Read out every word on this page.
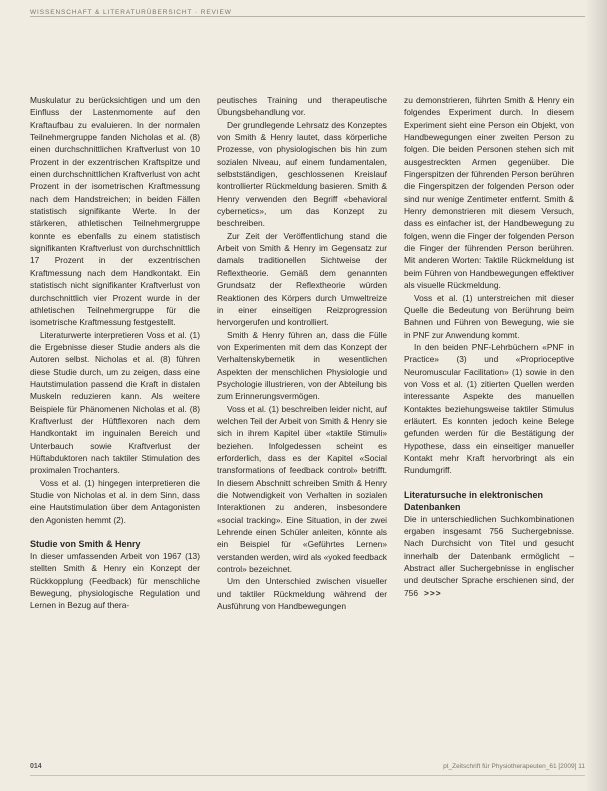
WISSENSCHAFT & LITERATURÜBERSICHT · REVIEW

Muskulatur zu berücksichtigen und um den Einfluss der Lastenmomente auf den Kraftaufbau zu evaluieren. In der normalen Teilnehmergruppe fanden Nicholas et al. (8) einen durchschnittlichen Kraftverlust von 10 Prozent in der exzentrischen Kraftspitze und einen durchschnittlichen Kraftverlust von acht Prozent in der isometrischen Kraftmessung nach dem Handstreichen; in beiden Fällen statistisch signifikante Werte. In der stärkeren, athletischen Teilnehmergruppe konnte es ebenfalls zu einem statistisch signifikanten Kraftverlust von durchschnittlich 17 Prozent in der exzentrischen Kraftmessung nach dem Handkontakt. Ein statistisch nicht signifikanter Kraftverlust von durchschnittlich vier Prozent wurde in der athletischen Teilnehmergruppe für die isometrische Kraftmessung festgestellt.

Literaturwerte interpretieren Voss et al. (1) die Ergebnisse dieser Studie anders als die Autoren selbst. Nicholas et al. (8) führen diese Studie durch, um zu zeigen, dass eine Hautstimulation passend die Kraft in distalen Muskeln reduzieren kann. Als weitere Beispiele für Phänomenen Nicholas et al. (8) Kraftverlust der Hüftflexoren nach dem Handkontakt im inguinalen Bereich und Unterbauch sowie Kraftverlust der Hüftabduktoren nach taktiler Stimulation des proximalen Trochanters.

Voss et al. (1) hingegen interpretieren die Studie von Nicholas et al. in dem Sinn, dass eine Hautstimulation über dem Antagonisten den Agonisten hemmt (2).

Studie von Smith & Henry

In dieser umfassenden Arbeit von 1967 (13) stellten Smith & Henry ein Konzept der Rückkopplung (Feedback) für menschliche Bewegung, physiologische Regulation und Lernen in Bezug auf thera-

peutisches Training und therapeutische Übungsbehandlung vor.

Der grundlegende Lehrsatz des Konzeptes von Smith & Henry lautet, dass körperliche Prozesse, von physiologischen bis hin zum sozialen Niveau, auf einem fundamentalen, selbstständigen, geschlossenen Kreislauf kontrollierter Rückmeldung basieren. Smith & Henry verwenden den Begriff «behavioral cybernetics», um das Konzept zu beschreiben.

Zur Zeit der Veröffentlichung stand die Arbeit von Smith & Henry im Gegensatz zur damals traditionellen Sichtweise der Reflextheorie. Gemäß dem genannten Grundsatz der Reflextheorie würden Reaktionen des Körpers durch Umweltreize in einer einseitigen Reizprogression hervorgerufen und kontrolliert.

Smith & Henry führen an, dass die Fülle von Experimenten mit dem das Konzept der Verhaltenskybernetik in wesentlichen Aspekten der menschlichen Physiologie und Psychologie illustrieren, von der Abteilung bis zum Erinnerungsvermögen.

Voss et al. (1) beschreiben leider nicht, auf welchen Teil der Arbeit von Smith & Henry sie sich in ihrem Kapitel über «taktile Stimuli» beziehen. Infolgedessen scheint es erforderlich, dass es der Kapitel «Social transformations of feedback control» betrifft. In diesem Abschnitt schreiben Smith & Henry die Notwendigkeit von Verhalten in sozialen Interaktionen zu anderen, insbesondere «social tracking». Eine Situation, in der zwei Lehrende einen Schüler anleiten, könnte als ein Beispiel für «Geführtes Lernen» verstanden werden, wird als «yoked feedback control» bezeichnet.

Um den Unterschied zwischen visueller und taktiler Rückmeldung während der Ausführung von Handbewegungen

zu demonstrieren, führten Smith & Henry ein folgendes Experiment durch. In diesem Experiment sieht eine Person ein Objekt, von Handbewegungen einer zweiten Person zu folgen. Die beiden Personen stehen sich mit ausgestreckten Armen gegenüber. Die Fingerspitzen der führenden Person berühren die Fingerspitzen der folgenden Person oder sind nur wenige Zentimeter entfernt. Smith & Henry demonstrieren mit diesem Versuch, dass es einfacher ist, der Handbewegung zu folgen, wenn die Finger der folgenden Person die Finger der führenden Person berühren. Mit anderen Worten: Taktile Rückmeldung ist beim Führen von Handbewegungen effektiver als visuelle Rückmeldung.

Voss et al. (1) unterstreichen mit dieser Quelle die Bedeutung von Berührung beim Bahnen und Führen von Bewegung, wie sie in PNF zur Anwendung kommt.

In den beiden PNF-Lehrbüchern «PNF in Practice» (3) und «Proprioceptive Neuromuscular Facilitation» (1) sowie in den von Voss et al. (1) zitierten Quellen werden interessante Aspekte des manuellen Kontaktes beziehungsweise taktiler Stimulus erläutert. Es konnten jedoch keine Belege gefunden werden für die Bestätigung der Hypothese, dass ein einseitiger manueller Kontakt mehr Kraft hervorbringt als ein Rundumgriff.

Literatursuche in elektronischen Datenbanken

Die in unterschiedlichen Suchkombinationen ergaben insgesamt 756 Suchergebnisse. Nach Durchsicht von Titel und gesucht innerhalb der Datenbank ermöglicht – Abstract aller Suchergebnisse in englischer und deutscher Sprache erschienen sind, der 756 >>>

014	pt_Zeitschrift für Physiotherapeuten_61 [2009] 11
